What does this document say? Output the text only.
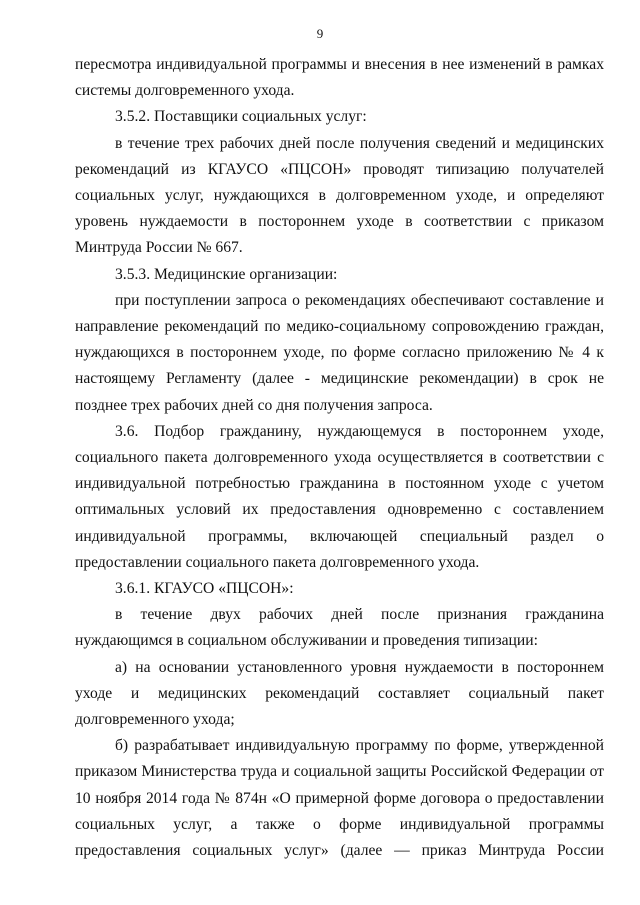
9

пересмотра индивидуальной программы и внесения в нее изменений в рамках системы долговременного ухода.

3.5.2. Поставщики социальных услуг:

в течение трех рабочих дней после получения сведений и медицинских рекомендаций из КГАУСО «ПЦСОН» проводят типизацию получателей социальных услуг, нуждающихся в долговременном уходе, и определяют уровень нуждаемости в постороннем уходе в соответствии с приказом Минтруда России № 667.

3.5.3. Медицинские организации:

при поступлении запроса о рекомендациях обеспечивают составление и направление рекомендаций по медико-социальному сопровождению граждан, нуждающихся в постороннем уходе, по форме согласно приложению № 4 к настоящему Регламенту (далее - медицинские рекомендации) в срок не позднее трех рабочих дней со дня получения запроса.

3.6. Подбор гражданину, нуждающемуся в постороннем уходе, социального пакета долговременного ухода осуществляется в соответствии с индивидуальной потребностью гражданина в постоянном уходе с учетом оптимальных условий их предоставления одновременно с составлением индивидуальной программы, включающей специальный раздел о предоставлении социального пакета долговременного ухода.

3.6.1. КГАУСО «ПЦСОН»:

в течение двух рабочих дней после признания гражданина нуждающимся в социальном обслуживании и проведения типизации:

а) на основании установленного уровня нуждаемости в постороннем уходе и медицинских рекомендаций составляет социальный пакет долговременного ухода;

б) разрабатывает индивидуальную программу по форме, утвержденной приказом Министерства труда и социальной защиты Российской Федерации от 10 ноября 2014 года № 874н «О примерной форме договора о предоставлении социальных услуг, а также о форме индивидуальной программы предоставления социальных услуг» (далее — приказ Минтруда России
